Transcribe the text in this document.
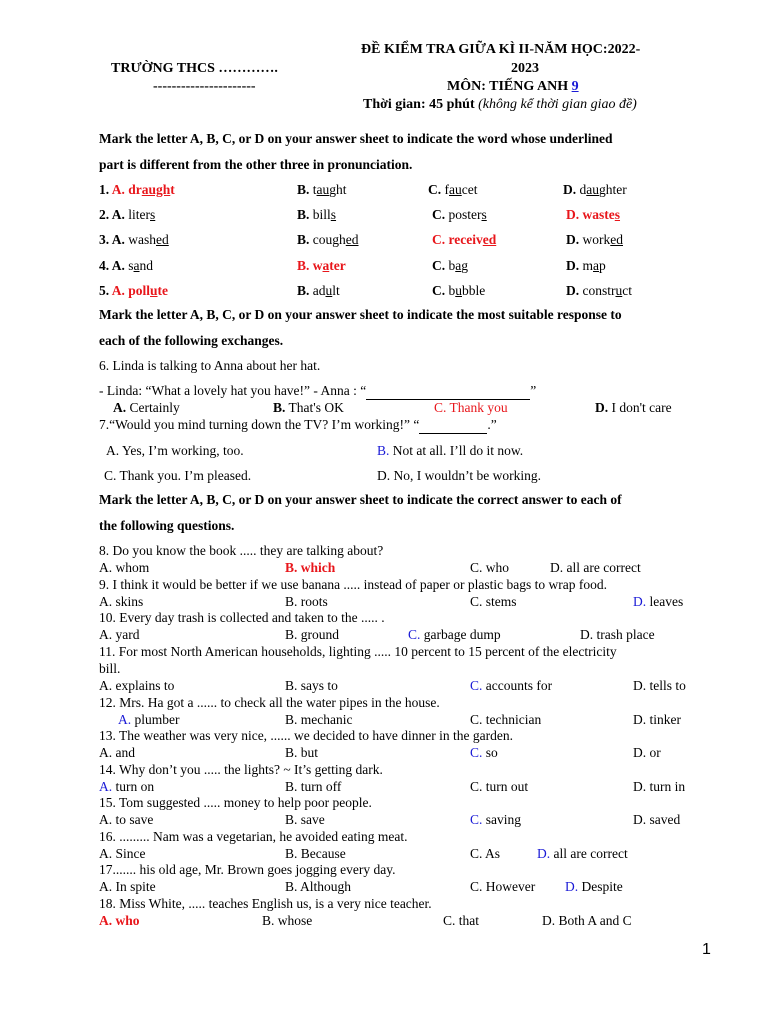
TRƯỜNG THCS ………….
----------------------
ĐỀ KIỂM TRA GIỮA KÌ II-NĂM HỌC:2022-
2023
MÔN: TIẾNG ANH 9
Thời gian: 45 phút (không kể thời gian giao đề)
Mark the letter A, B, C, or D on your answer sheet to indicate the word whose underlined
part is different from the other three in pronunciation.
1. A. draught	B. taught	C. faucet	D. daughter
2. A. liters	B. bills	C. posters	D. wastes
3. A. washed	B. coughed	C. received	D. worked
4. A. sand	B. water	C. bag	D. map
5. A. pollute	B. adult	C. bubble	D. construct
Mark the letter A, B, C, or D on your answer sheet to indicate the most suitable response to
each of the following exchanges.
6. Linda is talking to Anna about her hat.
- Linda: “What a lovely hat you have!” - Anna : “	”
A. Certainly	B. That's OK	C. Thank you	D. I don't care
7.“Would you mind turning down the TV? I’m working!” “	.”
A. Yes, I’m working, too.	B. Not at all. I’ll do it now.
C. Thank you. I’m pleased.	D. No, I wouldn’t be working.
Mark the letter A, B, C, or D on your answer sheet to indicate the correct answer to each of
the following questions.
8. Do you know the book ..... they are talking about?
A. whom	B. which	C. who	D. all are correct
9. I think it would be better if we use banana ..... instead of paper or plastic bags to wrap food.
A. skins	B. roots	C. stems	D. leaves
10. Every day trash is collected and taken to the ..... .
A. yard	B. ground	C. garbage dump	D. trash place
11. For most North American households, lighting ..... 10 percent to 15 percent of the electricity
bill.
A. explains to	B. says to	C. accounts for	D. tells to
12. Mrs. Ha got a ...... to check all the water pipes in the house.
A. plumber	B. mechanic	C. technician	D. tinker
13. The weather was very nice, ...... we decided to have dinner in the garden.
A. and	B. but	C. so	D. or
14. Why don’t you ..... the lights? ~ It’s getting dark.
A. turn on	B. turn off	C. turn out	D. turn in
15. Tom suggested ..... money to help poor people.
A. to save	B. save	C. saving	D. saved
16. ......... Nam was a vegetarian, he avoided eating meat.
A. Since	B. Because	C. As	D. all are correct
17....... his old age, Mr. Brown goes jogging every day.
A. In spite	B. Although	C. However D. Despite
18. Miss White, ..... teaches English us, is a very nice teacher.
A. who	B. whose	C. that	D. Both A and C
1
